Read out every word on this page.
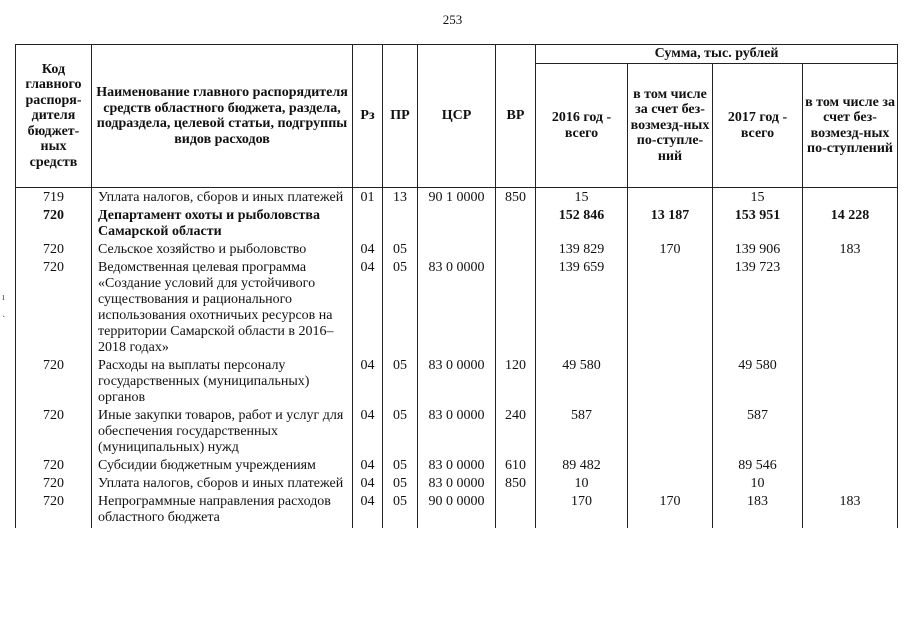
253
Код главного распоря-дителя бюджет-ных средств	Наименование главного распорядителя средств областного бюджета, раздела, подраздела, целевой статьи, подгруппы видов расходов	Рз	ПР	ЦСР	ВР	Сумма, тыс. рублей			
						2016 год - всего	в том числе за счет без-возмезд-ных по-ступле-ний	2017 год - всего	в том числе за счет без-возмезд-ных по-ступлений
719	Уплата налогов, сборов и иных платежей	01	13	90 1 0000	850	15		15	
720	Департамент охоты и рыболовства Самарской области					152 846	13 187	153 951	14 228
720	Сельское хозяйство и рыболовство	04	05			139 829	170	139 906	183
720	Ведомственная целевая программа «Создание условий для устойчивого существования и рационального использования охотничьих ресурсов на территории Самарской области в 2016–2018 годах»	04	05	83 0 0000		139 659		139 723	
720	Расходы на выплаты персоналу государственных (муниципальных) органов	04	05	83 0 0000	120	49 580		49 580	
720	Иные закупки товаров, работ и услуг для обеспечения государственных (муниципальных) нужд	04	05	83 0 0000	240	587		587	
720	Субсидии бюджетным учреждениям	04	05	83 0 0000	610	89 482		89 546	
720	Уплата налогов, сборов и иных платежей	04	05	83 0 0000	850	10		10	
720	Непрограммные направления расходов областного бюджета	04	05	90 0 0000		170	170	183	183
ı
·
